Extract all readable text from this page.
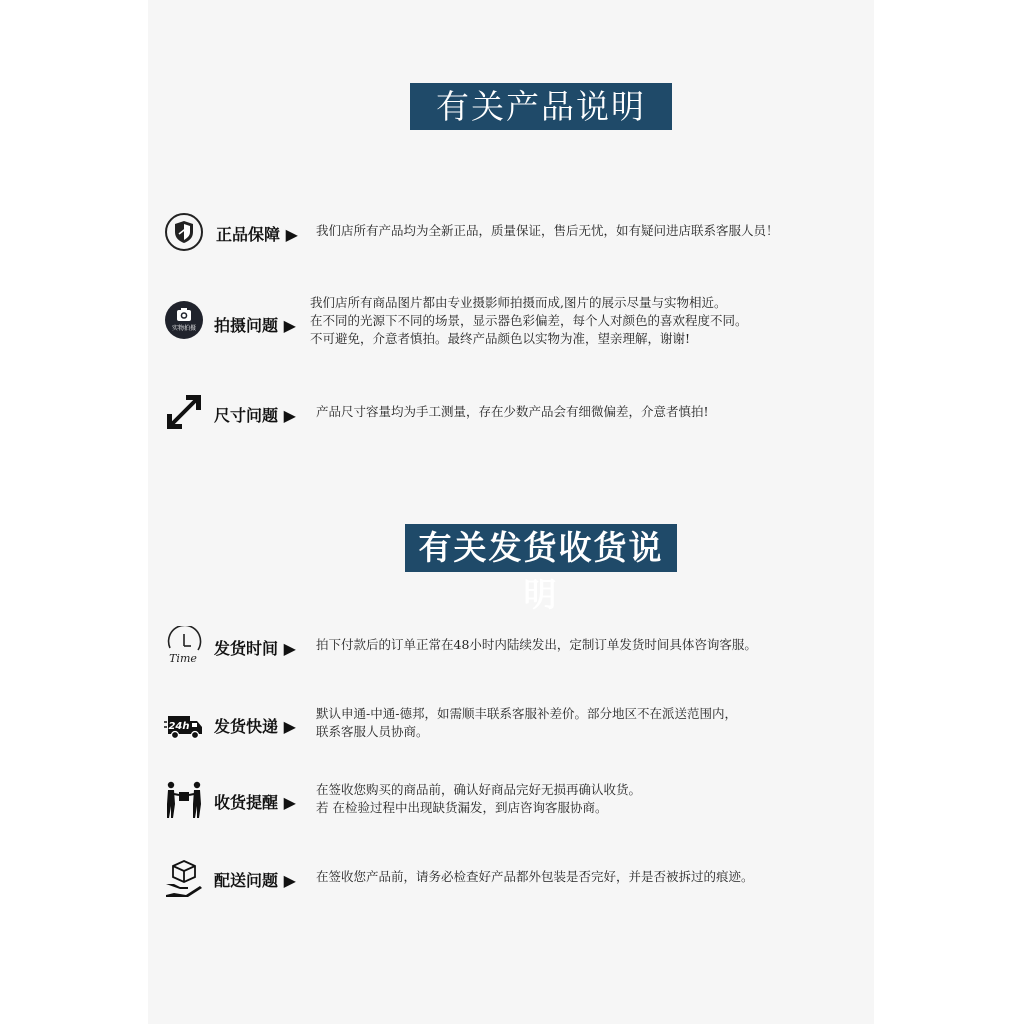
有关产品说明
正品保障 ▶ 我们店所有产品均为全新正品，质量保证，售后无忧，如有疑问进店联系客服人员！
实物拍摄 拍摄问题 ▶
我们店所有商品图片都由专业摄影师拍摄而成,图片的展示尽量与实物相近。
在不同的光源下不同的场景，显示器色彩偏差，每个人对颜色的喜欢程度不同。
不可避免，介意者慎拍。最终产品颜色以实物为准，望亲理解，谢谢!
尺寸问题 ▶ 产品尺寸容量均为手工测量，存在少数产品会有细微偏差，介意者慎拍!
有关发货收货说明
Time
发货时间 ▶ 拍下付款后的订单正常在48小时内陆续发出，定制订单发货时间具体咨询客服。
24h 发货快递 ▶
默认申通-中通-德邦，如需顺丰联系客服补差价。部分地区不在派送范围内，
联系客服人员协商。
收货提醒 ▶
在签收您购买的商品前，确认好商品完好无损再确认收货。
若 在检验过程中出现缺货漏发，到店咨询客服协商。
配送问题 ▶ 在签收您产品前，请务必检查好产品都外包装是否完好，并是否被拆过的痕迹。
